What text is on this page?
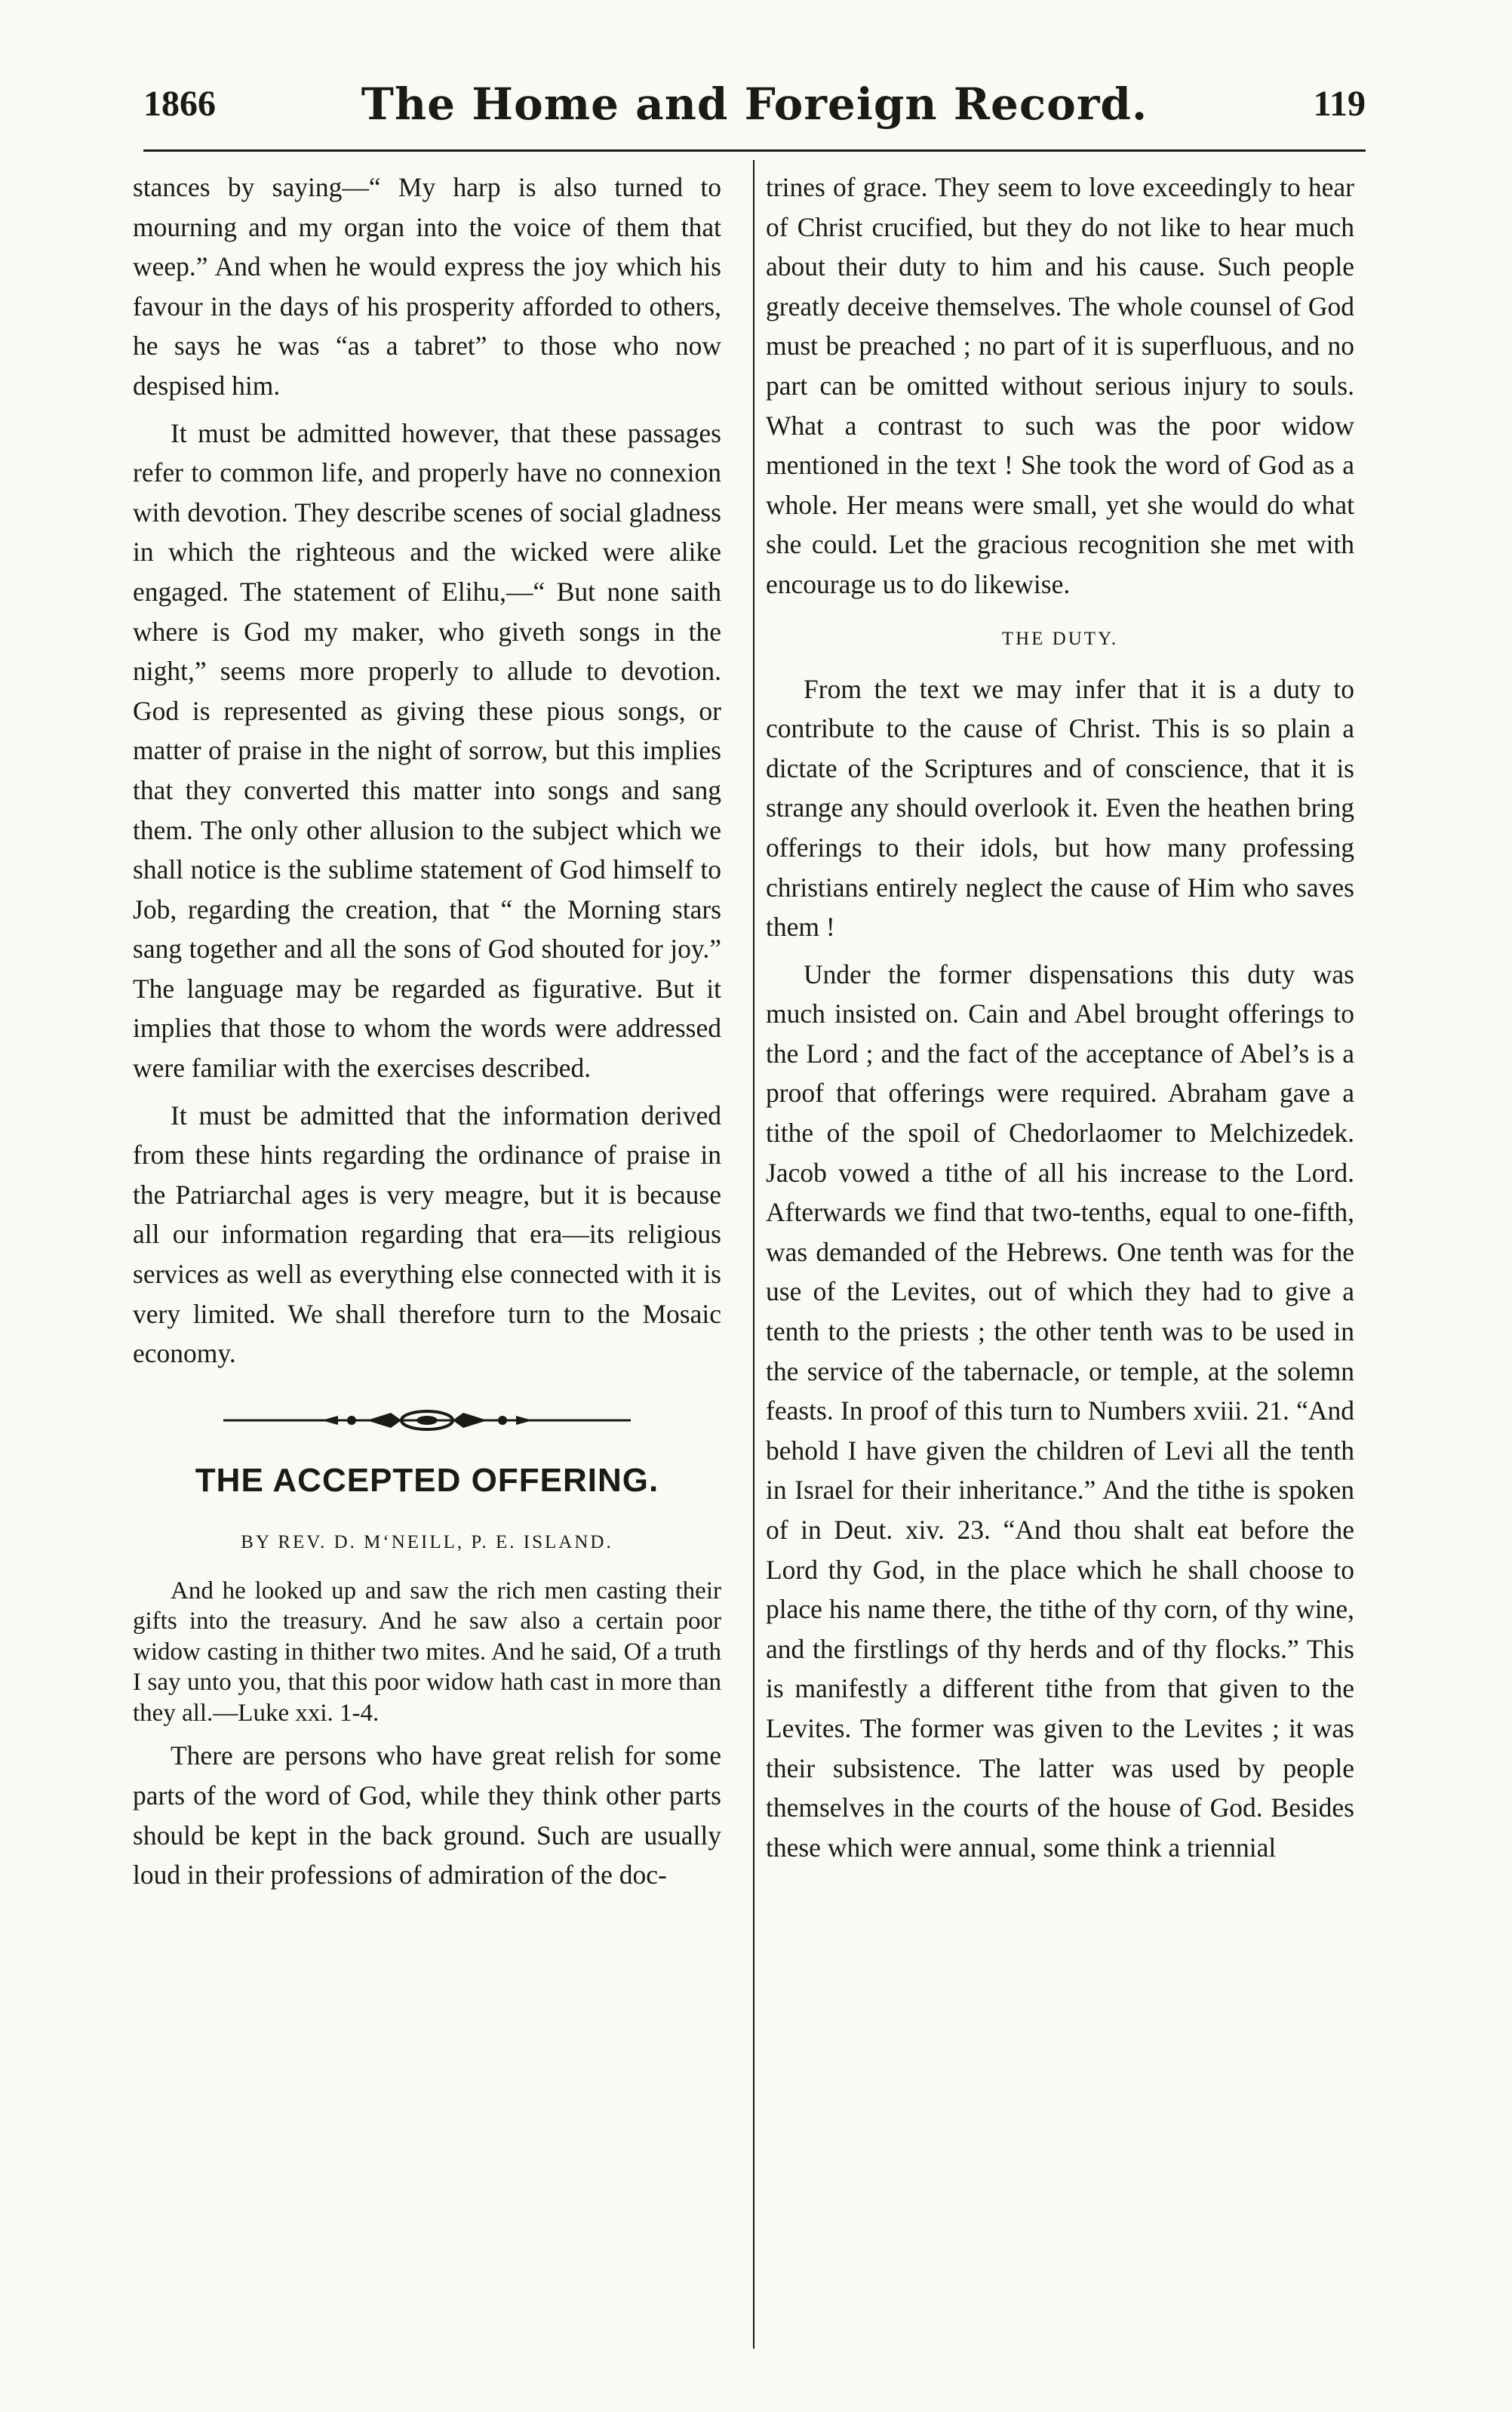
1866	The Home and Foreign Record.	119

stances by saying—“ My harp is also turned to mourning and my organ into the voice of them that weep.” And when he would express the joy which his favour in the days of his prosperity afforded to others, he says he was “as a tabret” to those who now despised him.

It must be admitted however, that these passages refer to common life, and properly have no connexion with devotion. They describe scenes of social gladness in which the righteous and the wicked were alike engaged. The statement of Elihu,—“ But none saith where is God my maker, who giveth songs in the night,” seems more properly to allude to devotion. God is represented as giving these pious songs, or matter of praise in the night of sorrow, but this implies that they converted this matter into songs and sang them. The only other allusion to the subject which we shall notice is the sublime statement of God himself to Job, regarding the creation, that “ the Morning stars sang together and all the sons of God shouted for joy.” The language may be regarded as figurative. But it implies that those to whom the words were addressed were familiar with the exercises described.

It must be admitted that the information derived from these hints regarding the ordinance of praise in the Patriarchal ages is very meagre, but it is because all our information regarding that era—its religious services as well as everything else connected with it is very limited. We shall therefore turn to the Mosaic economy.

THE ACCEPTED OFFERING.
BY REV. D. M‘NEILL, P. E. ISLAND.

And he looked up and saw the rich men casting their gifts into the treasury. And he saw also a certain poor widow casting in thither two mites. And he said, Of a truth I say unto you, that this poor widow hath cast in more than they all.—Luke xxi. 1-4.

There are persons who have great relish for some parts of the word of God, while they think other parts should be kept in the back ground. Such are usually loud in their professions of admiration of the doc-

trines of grace. They seem to love exceedingly to hear of Christ crucified, but they do not like to hear much about their duty to him and his cause. Such people greatly deceive themselves. The whole counsel of God must be preached ; no part of it is superfluous, and no part can be omitted without serious injury to souls. What a contrast to such was the poor widow mentioned in the text ! She took the word of God as a whole. Her means were small, yet she would do what she could. Let the gracious recognition she met with encourage us to do likewise.

THE DUTY.

From the text we may infer that it is a duty to contribute to the cause of Christ. This is so plain a dictate of the Scriptures and of conscience, that it is strange any should overlook it. Even the heathen bring offerings to their idols, but how many professing christians entirely neglect the cause of Him who saves them !

Under the former dispensations this duty was much insisted on. Cain and Abel brought offerings to the Lord ; and the fact of the acceptance of Abel’s is a proof that offerings were required. Abraham gave a tithe of the spoil of Chedorlaomer to Melchizedek. Jacob vowed a tithe of all his increase to the Lord. Afterwards we find that two-tenths, equal to one-fifth, was demanded of the Hebrews. One tenth was for the use of the Levites, out of which they had to give a tenth to the priests ; the other tenth was to be used in the service of the tabernacle, or temple, at the solemn feasts. In proof of this turn to Numbers xviii. 21. “And behold I have given the children of Levi all the tenth in Israel for their inheritance.” And the tithe is spoken of in Deut. xiv. 23. “And thou shalt eat before the Lord thy God, in the place which he shall choose to place his name there, the tithe of thy corn, of thy wine, and the firstlings of thy herds and of thy flocks.” This is manifestly a different tithe from that given to the Levites. The former was given to the Levites ; it was their subsistence. The latter was used by people themselves in the courts of the house of God. Besides these which were annual, some think a triennial
